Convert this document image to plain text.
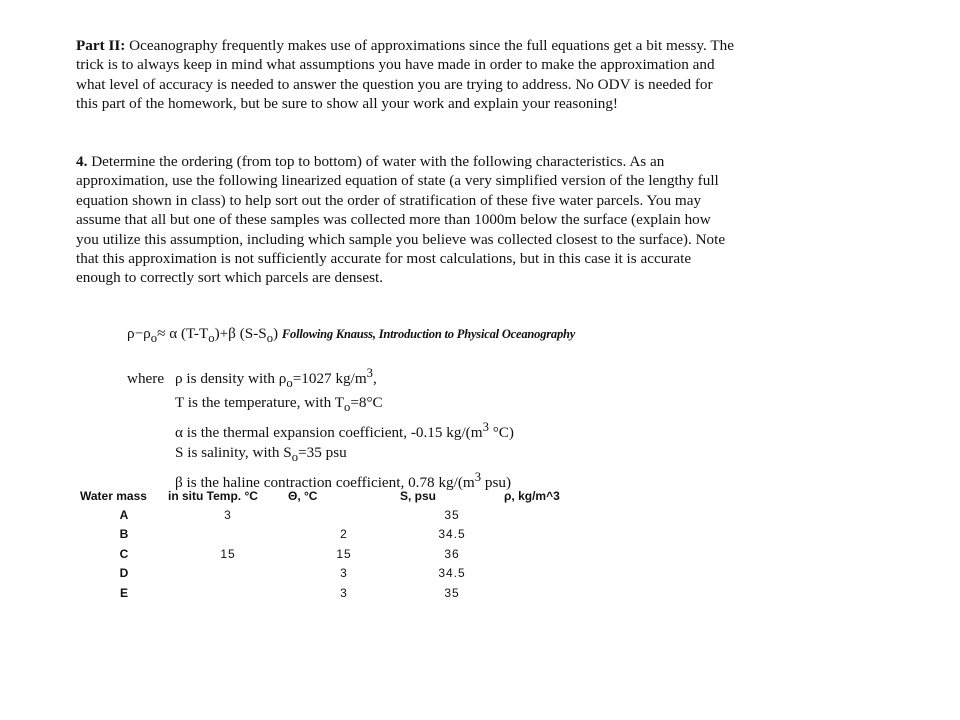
Part II: Oceanography frequently makes use of approximations since the full equations get a bit messy. The trick is to always keep in mind what assumptions you have made in order to make the approximation and what level of accuracy is needed to answer the question you are trying to address. No ODV is needed for this part of the homework, but be sure to show all your work and explain your reasoning!
4. Determine the ordering (from top to bottom) of water with the following characteristics. As an approximation, use the following linearized equation of state (a very simplified version of the lengthy full equation shown in class) to help sort out the order of stratification of these five water parcels. You may assume that all but one of these samples was collected more than 1000m below the surface (explain how you utilize this assumption, including which sample you believe was collected closest to the surface). Note that this approximation is not sufficiently accurate for most calculations, but in this case it is accurate enough to correctly sort which parcels are densest.
$\rho-\rho_o\approx \alpha$ $(T-T_o)+\beta$ $(S-S_o)$ Following Knauss, Introduction to Physical Oceanography
where ρ is density with $\rho_o=1027$ $kg/m^3$,
T is the temperature, with $T_o=8^\circ C$
α is the thermal expansion coefficient, -0.15 $kg/(m^3$ °C)
S is salinity, with $S_o=35$ psu
β is the haline contraction coefficient, 0.78 $kg/(m^3$ psu)
Water mass	in situ Temp. °C	Θ, °C	S, psu	ρ, kg/m^3
A	3		35	
B		2	34.5	
C	15	15	36	
D		3	34.5	
E		3	35	
